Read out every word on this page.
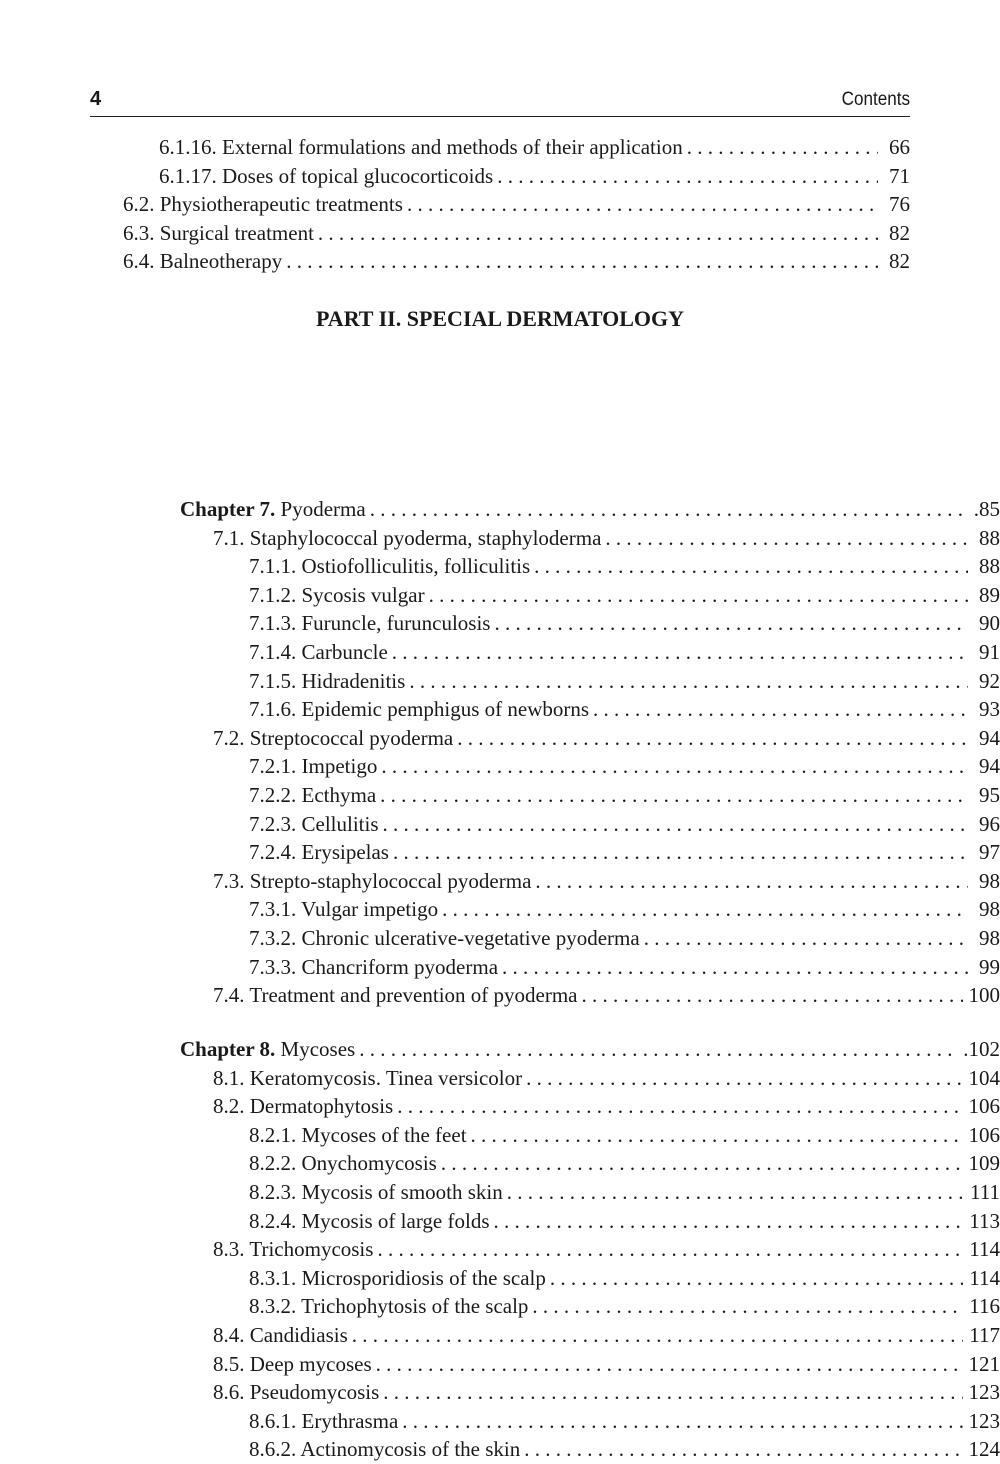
4	Contents
6.1.16. External formulations and methods of their application . . .	66
6.1.17. Doses of topical glucocorticoids . . .	71
6.2. Physiotherapeutic treatments . . .	76
6.3. Surgical treatment . . .	82
6.4. Balneotherapy . . .	82
PART II. SPECIAL DERMATOLOGY
Chapter 7. Pyoderma . . .	.85
7.1. Staphylococcal pyoderma, staphyloderma . . .	88
7.1.1. Ostiofolliculitis, folliculitis . . .	88
7.1.2. Sycosis vulgar . . .	89
7.1.3. Furuncle, furunculosis . . .	90
7.1.4. Carbuncle . . .	91
7.1.5. Hidradenitis . . .	92
7.1.6. Epidemic pemphigus of newborns . . .	93
7.2. Streptococcal pyoderma . . .	94
7.2.1. Impetigo . . .	94
7.2.2. Ecthyma . . .	95
7.2.3. Cellulitis . . .	96
7.2.4. Erysipelas . . .	97
7.3. Strepto-staphylococcal pyoderma . . .	98
7.3.1. Vulgar impetigo . . .	98
7.3.2. Chronic ulcerative-vegetative pyoderma . . .	98
7.3.3. Chancriform pyoderma . . .	99
7.4. Treatment and prevention of pyoderma . . .	100
Chapter 8. Mycoses . . .	.102
8.1. Keratomycosis. Tinea versicolor . . .	104
8.2. Dermatophytosis . . .	106
8.2.1. Mycoses of the feet . . .	106
8.2.2. Onychomycosis . . .	109
8.2.3. Mycosis of smooth skin . . .	111
8.2.4. Mycosis of large folds . . .	113
8.3. Trichomycosis . . .	114
8.3.1. Microsporidiosis of the scalp . . .	114
8.3.2. Trichophytosis of the scalp . . .	116
8.4. Candidiasis . . .	117
8.5. Deep mycoses . . .	121
8.6. Pseudomycosis . . .	123
8.6.1. Erythrasma . . .	123
8.6.2. Actinomycosis of the skin . . .	124
